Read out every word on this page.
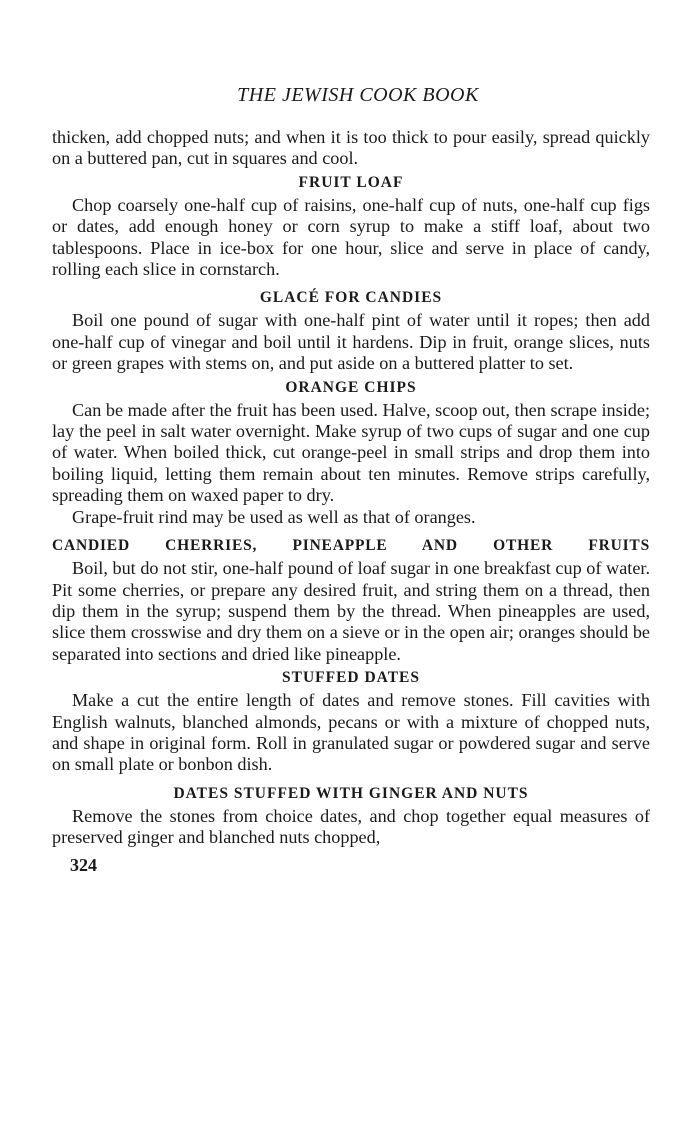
THE JEWISH COOK BOOK

thicken, add chopped nuts; and when it is too thick to pour easily, spread quickly on a buttered pan, cut in squares and cool.

FRUIT LOAF

Chop coarsely one-half cup of raisins, one-half cup of nuts, one-half cup figs or dates, add enough honey or corn syrup to make a stiff loaf, about two tablespoons. Place in ice-box for one hour, slice and serve in place of candy, rolling each slice in cornstarch.

GLACÉ FOR CANDIES

Boil one pound of sugar with one-half pint of water until it ropes; then add one-half cup of vinegar and boil until it hardens. Dip in fruit, orange slices, nuts or green grapes with stems on, and put aside on a buttered platter to set.

ORANGE CHIPS

Can be made after the fruit has been used. Halve, scoop out, then scrape inside; lay the peel in salt water overnight. Make syrup of two cups of sugar and one cup of water. When boiled thick, cut orange-peel in small strips and drop them into boiling liquid, letting them remain about ten minutes. Remove strips carefully, spreading them on waxed paper to dry.

Grape-fruit rind may be used as well as that of oranges.

CANDIED CHERRIES, PINEAPPLE AND OTHER FRUITS

Boil, but do not stir, one-half pound of loaf sugar in one breakfast cup of water. Pit some cherries, or prepare any desired fruit, and string them on a thread, then dip them in the syrup; suspend them by the thread. When pineapples are used, slice them crosswise and dry them on a sieve or in the open air; oranges should be separated into sections and dried like pineapple.

STUFFED DATES

Make a cut the entire length of dates and remove stones. Fill cavities with English walnuts, blanched almonds, pecans or with a mixture of chopped nuts, and shape in original form. Roll in granulated sugar or powdered sugar and serve on small plate or bonbon dish.

DATES STUFFED WITH GINGER AND NUTS

Remove the stones from choice dates, and chop together equal measures of preserved ginger and blanched nuts chopped,

324
